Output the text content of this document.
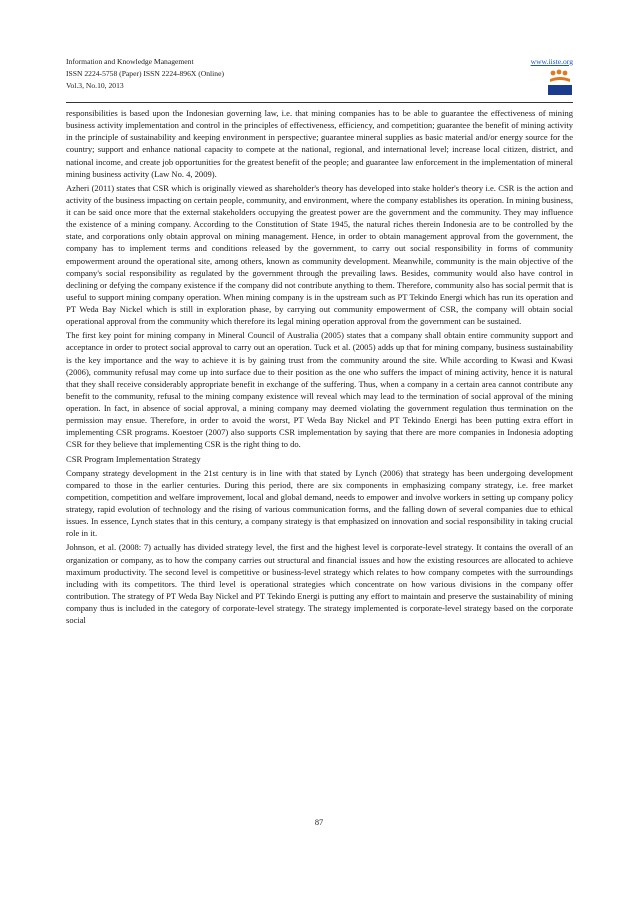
Information and Knowledge Management
ISSN 2224-5758 (Paper) ISSN 2224-896X (Online)
Vol.3, No.10, 2013
www.iiste.org

responsibilities is based upon the Indonesian governing law, i.e. that mining companies has to be able to guarantee the effectiveness of mining business activity implementation and control in the principles of effectiveness, efficiency, and competition; guarantee the benefit of mining activity in the principle of sustainability and keeping environment in perspective; guarantee mineral supplies as basic material and/or energy source for the country; support and enhance national capacity to compete at the national, regional, and international level; increase local citizen, district, and national income, and create job opportunities for the greatest benefit of the people; and guarantee law enforcement in the implementation of mineral mining business activity (Law No. 4, 2009).

Azheri (2011) states that CSR which is originally viewed as shareholder's theory has developed into stake holder's theory i.e. CSR is the action and activity of the business impacting on certain people, community, and environment, where the company establishes its operation. In mining business, it can be said once more that the external stakeholders occupying the greatest power are the government and the community. They may influence the existence of a mining company. According to the Constitution of State 1945, the natural riches therein Indonesia are to be controlled by the state, and corporations only obtain approval on mining management. Hence, in order to obtain management approval from the government, the company has to implement terms and conditions released by the government, to carry out social responsibility in forms of community empowerment around the operational site, among others, known as community development. Meanwhile, community is the main objective of the company's social responsibility as regulated by the government through the prevailing laws. Besides, community would also have control in declining or defying the company existence if the company did not contribute anything to them. Therefore, community also has social permit that is useful to support mining company operation. When mining company is in the upstream such as PT Tekindo Energi which has run its operation and PT Weda Bay Nickel which is still in exploration phase, by carrying out community empowerment of CSR, the company will obtain social operational approval from the community which therefore its legal mining operation approval from the government can be sustained.

The first key point for mining company in Mineral Council of Australia (2005) states that a company shall obtain entire community support and acceptance in order to protect social approval to carry out an operation. Tuck et al. (2005) adds up that for mining company, business sustainability is the key importance and the way to achieve it is by gaining trust from the community around the site. While according to Kwasi and Kwasi (2006), community refusal may come up into surface due to their position as the one who suffers the impact of mining activity, hence it is natural that they shall receive considerably appropriate benefit in exchange of the suffering. Thus, when a company in a certain area cannot contribute any benefit to the community, refusal to the mining company existence will reveal which may lead to the termination of social approval of the mining operation. In fact, in absence of social approval, a mining company may deemed violating the government regulation thus termination on the permission may ensue. Therefore, in order to avoid the worst, PT Weda Bay Nickel and PT Tekindo Energi has been putting extra effort in implementing CSR programs. Koestoer (2007) also supports CSR implementation by saying that there are more companies in Indonesia adopting CSR for they believe that implementing CSR is the right thing to do.

CSR Program Implementation Strategy

Company strategy development in the 21st century is in line with that stated by Lynch (2006) that strategy has been undergoing development compared to those in the earlier centuries. During this period, there are six components in emphasizing company strategy, i.e. free market competition, competition and welfare improvement, local and global demand, needs to empower and involve workers in setting up company policy strategy, rapid evolution of technology and the rising of various communication forms, and the falling down of several companies due to ethical issues. In essence, Lynch states that in this century, a company strategy is that emphasized on innovation and social responsibility in taking crucial role in it.

Johnson, et al. (2008: 7) actually has divided strategy level, the first and the highest level is corporate-level strategy. It contains the overall of an organization or company, as to how the company carries out structural and financial issues and how the existing resources are allocated to achieve maximum productivity. The second level is competitive or business-level strategy which relates to how company competes with the surroundings including with its competitors. The third level is operational strategies which concentrate on how various divisions in the company offer contribution. The strategy of PT Weda Bay Nickel and PT Tekindo Energi is putting any effort to maintain and preserve the sustainability of mining company thus is included in the category of corporate-level strategy. The strategy implemented is corporate-level strategy based on the corporate social

87
